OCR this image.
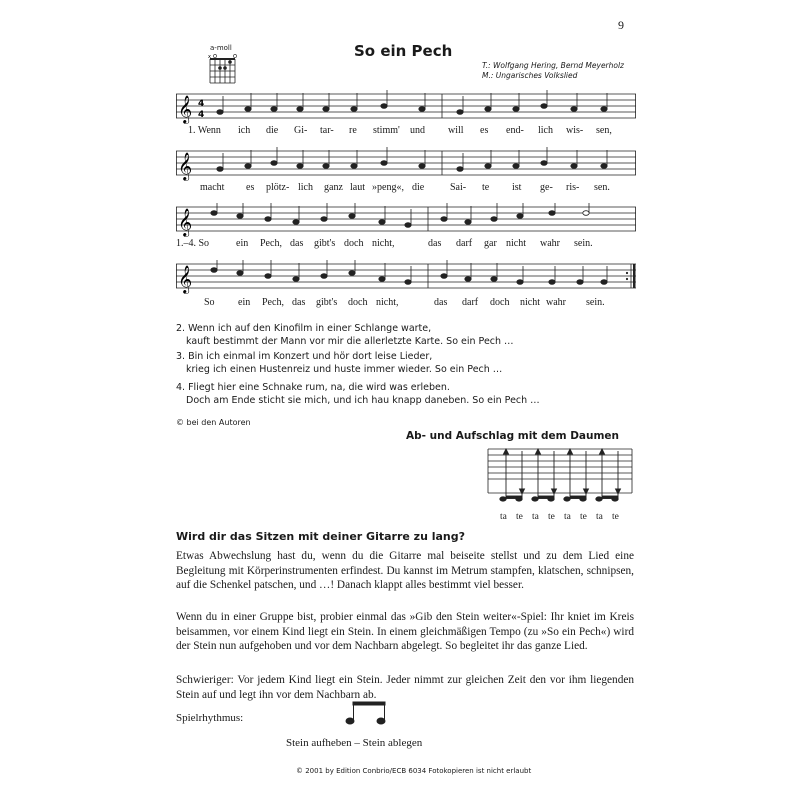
9
So ein Pech
T.: Wolfgang Hering, Bernd Meyerholz
M.: Ungarisches Volkslied
a-moll
x
𝄞 4
4
1. Wenn ich die Gi- tar- re stimm' und will es end- lich wis- sen,
𝄞
macht es plötz- lich ganz laut »peng«, die	Sai- te ist ge- ris- sen.
𝄞
1.–4. So	ein Pech, das gibt's doch nicht,	das darf gar nicht wahr sein.
𝄞
So ein Pech, das gibt's doch nicht,	das darf doch nicht wahr sein.
2. Wenn ich auf den Kinofilm in einer Schlange warte,
kauft bestimmt der Mann vor mir die allerletzte Karte. So ein Pech …
3. Bin ich einmal im Konzert und hör dort leise Lieder,
krieg ich einen Hustenreiz und huste immer wieder. So ein Pech …
4. Fliegt hier eine Schnake rum, na, die wird was erleben.
Doch am Ende sticht sie mich, und ich hau knapp daneben. So ein Pech …
© bei den Autoren
Ab- und Aufschlag mit dem Daumen
ta te ta te ta te ta te
Wird dir das Sitzen mit deiner Gitarre zu lang?
Etwas Abwechslung hast du, wenn du die Gitarre mal beiseite stellst und zu dem Lied eine Begleitung mit Körperinstrumenten erfindest. Du kannst im Metrum stampfen, klatschen, schnipsen, auf die Schenkel patschen, und …! Danach klappt alles bestimmt viel besser.
Wenn du in einer Gruppe bist, probier einmal das »Gib den Stein weiter«-Spiel: Ihr kniet im Kreis beisammen, vor einem Kind liegt ein Stein. In einem gleichmäßigen Tempo (zu »So ein Pech«) wird der Stein nun aufgehoben und vor dem Nachbarn abgelegt. So begleitet ihr das ganze Lied.
Schwieriger: Vor jedem Kind liegt ein Stein. Jeder nimmt zur gleichen Zeit den vor ihm liegenden Stein auf und legt ihn vor dem Nachbarn ab.
Spielrhythmus:
Stein aufheben – Stein ablegen
© 2001 by Edition Conbrio/ECB 6034 Fotokopieren ist nicht erlaubt
